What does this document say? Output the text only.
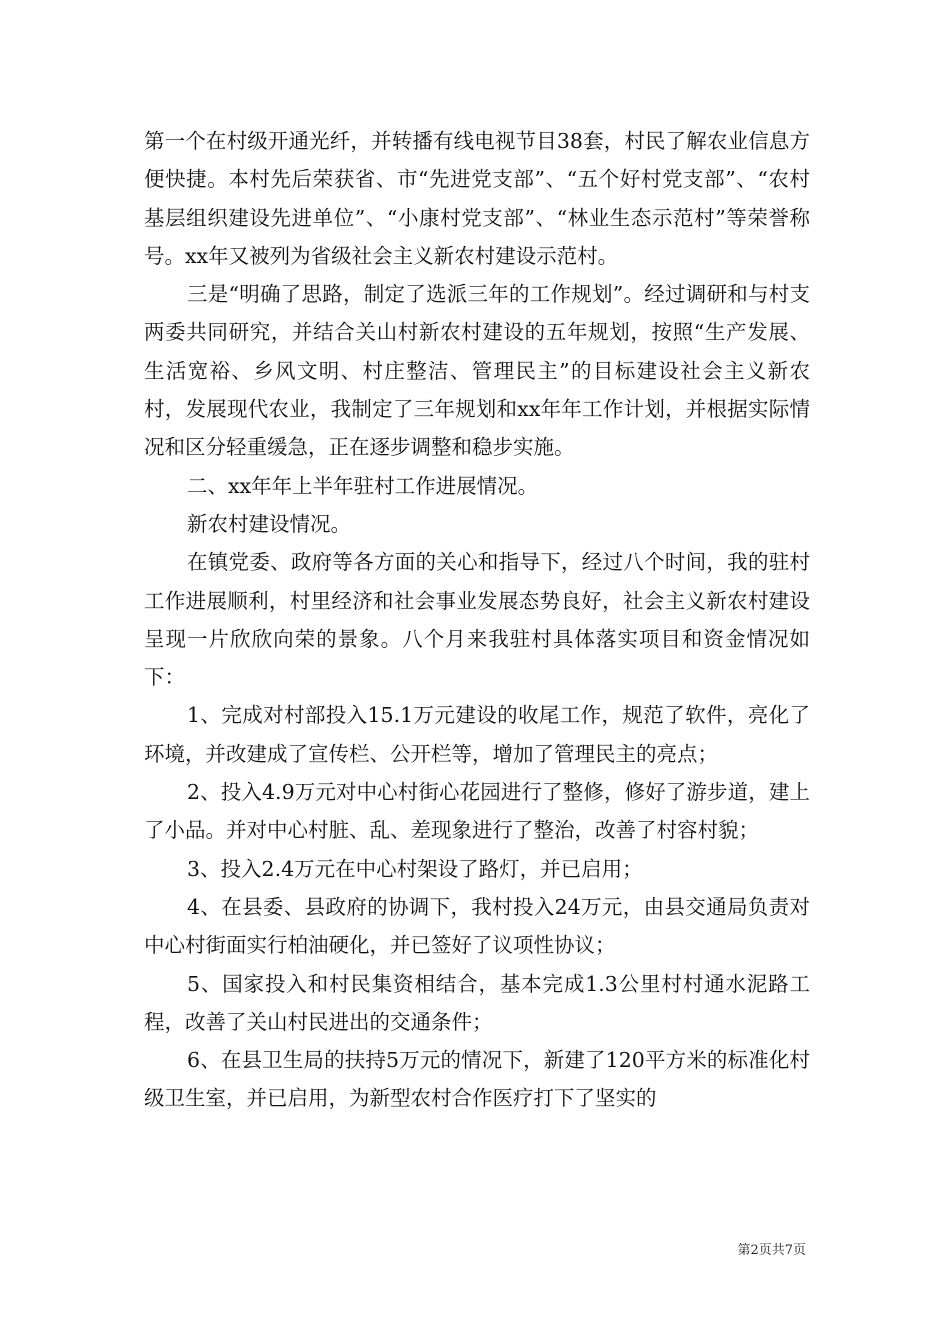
第一个在村级开通光纤，并转播有线电视节目38套，村民了解农业信息方便快捷。本村先后荣获省、市“先进党支部”、“五个好村党支部”、“农村基层组织建设先进单位”、“小康村党支部”、“林业生态示范村”等荣誉称号。xx年又被列为省级社会主义新农村建设示范村。

三是“明确了思路，制定了选派三年的工作规划”。经过调研和与村支两委共同研究，并结合关山村新农村建设的五年规划，按照“生产发展、生活宽裕、乡风文明、村庄整洁、管理民主”的目标建设社会主义新农村，发展现代农业，我制定了三年规划和xx年年工作计划，并根据实际情况和区分轻重缓急，正在逐步调整和稳步实施。

二、xx年年上半年驻村工作进展情况。

新农村建设情况。

在镇党委、政府等各方面的关心和指导下，经过八个时间，我的驻村工作进展顺利，村里经济和社会事业发展态势良好，社会主义新农村建设呈现一片欣欣向荣的景象。八个月来我驻村具体落实项目和资金情况如下：

1、完成对村部投入15.1万元建设的收尾工作，规范了软件，亮化了环境，并改建成了宣传栏、公开栏等，增加了管理民主的亮点；

2、投入4.9万元对中心村街心花园进行了整修，修好了游步道，建上了小品。并对中心村脏、乱、差现象进行了整治，改善了村容村貌；

3、投入2.4万元在中心村架设了路灯，并已启用；

4、在县委、县政府的协调下，我村投入24万元，由县交通局负责对中心村街面实行柏油硬化，并已签好了议项性协议；

5、国家投入和村民集资相结合，基本完成1.3公里村村通水泥路工程，改善了关山村民进出的交通条件；

6、在县卫生局的扶持5万元的情况下，新建了120平方米的标准化村级卫生室，并已启用，为新型农村合作医疗打下了坚实的

第2页共7页
